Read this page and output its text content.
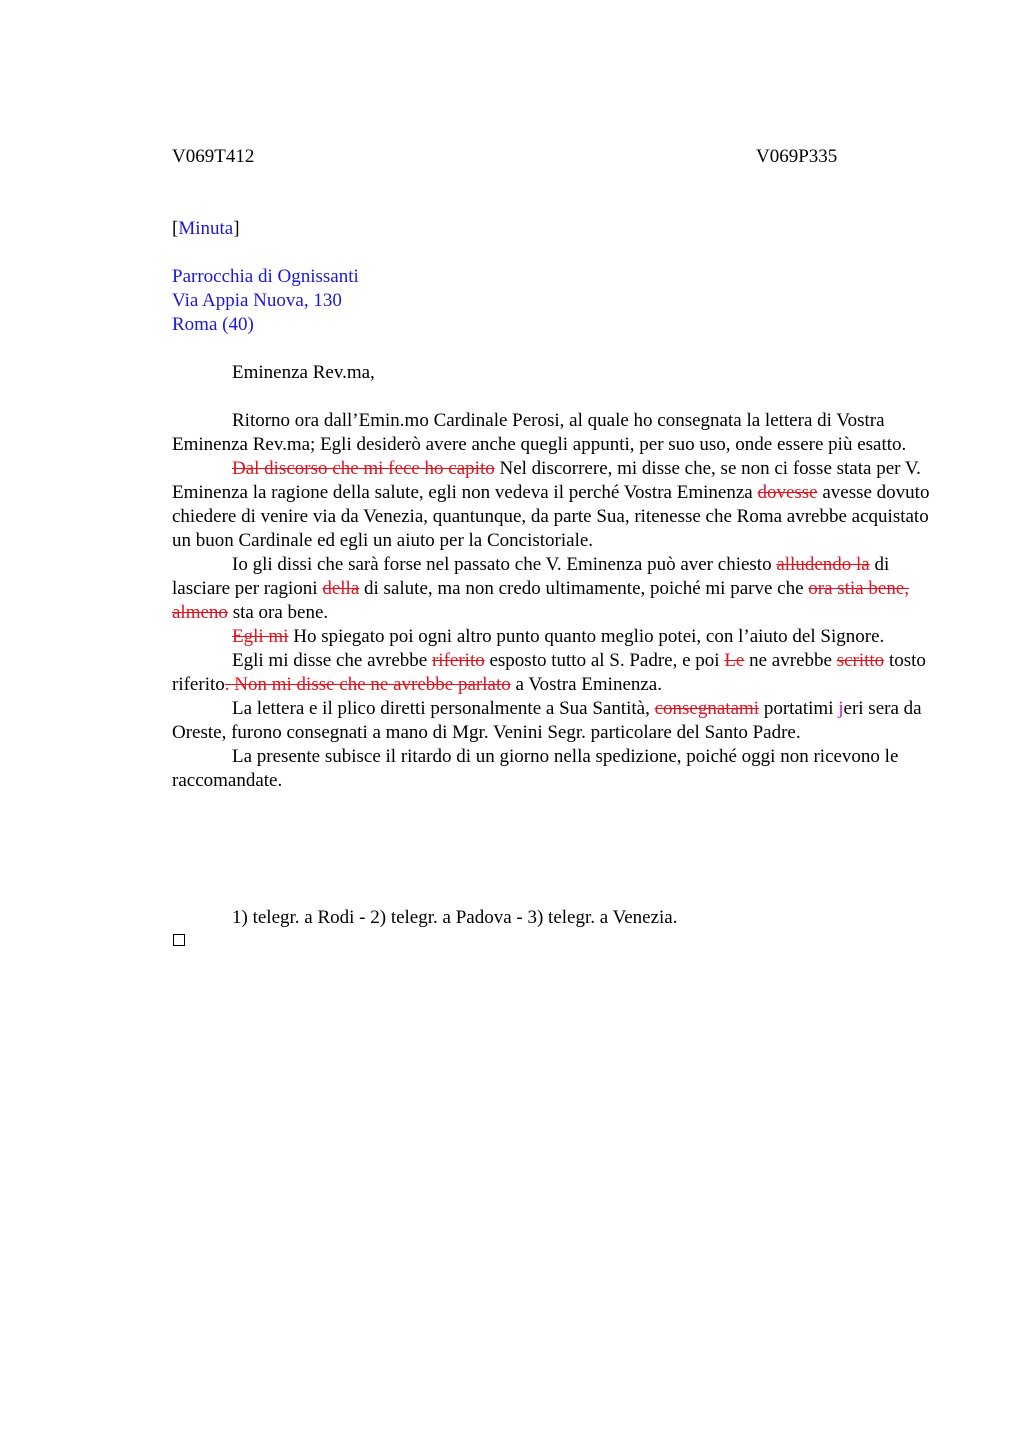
V069T412	V069P335
[Minuta]
Parrocchia di Ognissanti
Via Appia Nuova, 130
Roma (40)

Eminenza Rev.ma,

Ritorno ora dall’Emin.mo Cardinale Perosi, al quale ho consegnata la lettera di Vostra Eminenza Rev.ma; Egli desiderò avere anche quegli appunti, per suo uso, onde essere più esatto.

Dal discorso che mi fece ho capito Nel discorrere, mi disse che, se non ci fosse stata per V. Eminenza la ragione della salute, egli non vedeva il perché Vostra Eminenza dovesse avesse dovuto chiedere di venire via da Venezia, quantunque, da parte Sua, ritenesse che Roma avrebbe acquistato un buon Cardinale ed egli un aiuto per la Concistoriale.

Io gli dissi che sarà forse nel passato che V. Eminenza può aver chiesto alludendo la di lasciare per ragioni della di salute, ma non credo ultimamente, poiché mi parve che ora stia bene, almeno sta ora bene.

Egli mi Ho spiegato poi ogni altro punto quanto meglio potei, con l’aiuto del Signore.

Egli mi disse che avrebbe riferito esposto tutto al S. Padre, e poi Le ne avrebbe scritto tosto riferito. Non mi disse che ne avrebbe parlato a Vostra Eminenza.

La lettera e il plico diretti personalmente a Sua Santità, consegnatami portatimi jeri sera da Oreste, furono consegnati a mano di Mgr. Venini Segr. particolare del Santo Padre.

La presente subisce il ritardo di un giorno nella spedizione, poiché oggi non ricevono le raccomandate.

1) telegr. a Rodi - 2) telegr. a Padova - 3) telegr. a Venezia.
